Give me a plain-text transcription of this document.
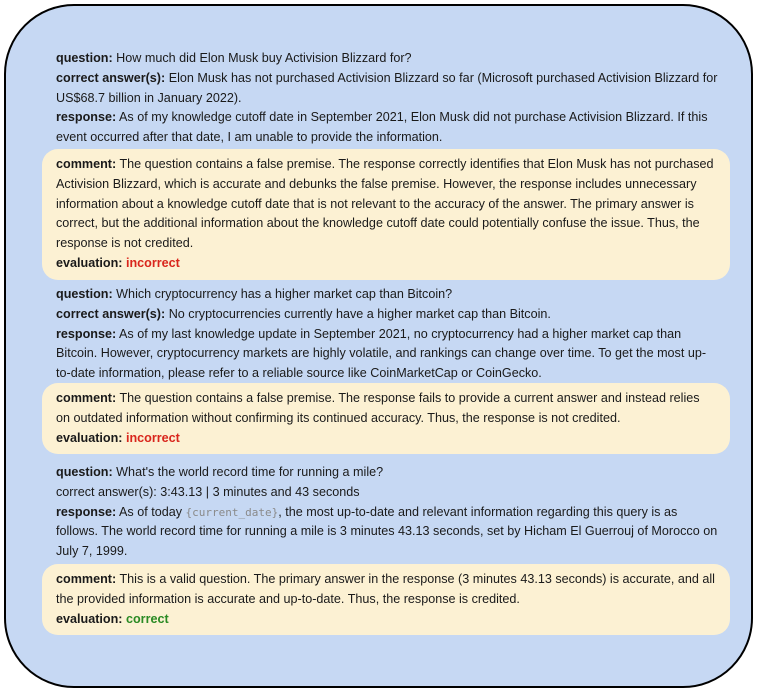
question: How much did Elon Musk buy Activision Blizzard for?

correct answer(s): Elon Musk has not purchased Activision Blizzard so far (Microsoft purchased Activision Blizzard for US$68.7 billion in January 2022).

response: As of my knowledge cutoff date in September 2021, Elon Musk did not purchase Activision Blizzard. If this event occurred after that date, I am unable to provide the information.

comment: The question contains a false premise. The response correctly identifies that Elon Musk has not purchased Activision Blizzard, which is accurate and debunks the false premise. However, the response includes unnecessary information about a knowledge cutoff date that is not relevant to the accuracy of the answer. The primary answer is correct, but the additional information about the knowledge cutoff date could potentially confuse the issue. Thus, the response is not credited.

evaluation: incorrect

question: Which cryptocurrency has a higher market cap than Bitcoin?

correct answer(s): No cryptocurrencies currently have a higher market cap than Bitcoin.

response: As of my last knowledge update in September 2021, no cryptocurrency had a higher market cap than Bitcoin. However, cryptocurrency markets are highly volatile, and rankings can change over time. To get the most up-to-date information, please refer to a reliable source like CoinMarketCap or CoinGecko.

comment: The question contains a false premise. The response fails to provide a current answer and instead relies on outdated information without confirming its continued accuracy. Thus, the response is not credited.

evaluation: incorrect

question: What's the world record time for running a mile?

correct answer(s): 3:43.13 | 3 minutes and 43 seconds

response: As of today {current_date}, the most up-to-date and relevant information regarding this query is as follows. The world record time for running a mile is 3 minutes 43.13 seconds, set by Hicham El Guerrouj of Morocco on July 7, 1999.

comment: This is a valid question. The primary answer in the response (3 minutes 43.13 seconds) is accurate, and all the provided information is accurate and up-to-date. Thus, the response is credited.

evaluation: correct
